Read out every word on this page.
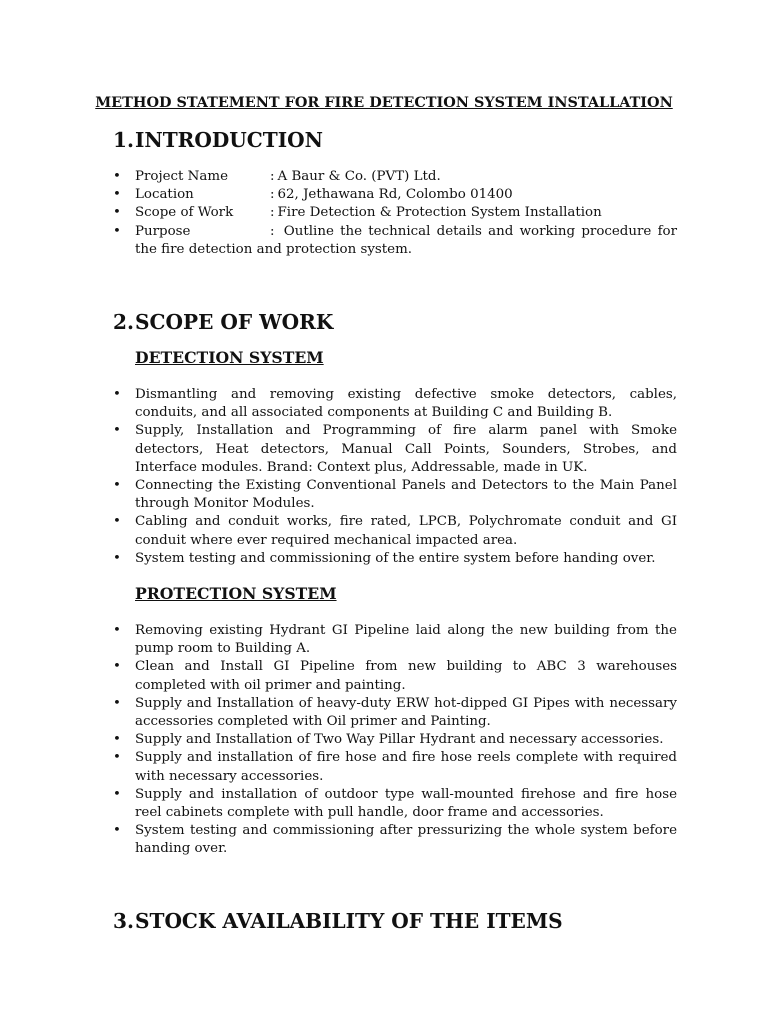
METHOD STATEMENT FOR FIRE DETECTION SYSTEM INSTALLATION
1.INTRODUCTION
• Project Name	: A Baur & Co. (PVT) Ltd.
• Location	: 62, Jethawana Rd, Colombo 01400
• Scope of Work	: Fire Detection & Protection System Installation
• Purpose	: Outline the technical details and working procedure for the fire detection and protection system.
2.SCOPE OF WORK
DETECTION SYSTEM
• Dismantling and removing existing defective smoke detectors, cables, conduits, and all associated components at Building C and Building B.
• Supply, Installation and Programming of fire alarm panel with Smoke detectors, Heat detectors, Manual Call Points, Sounders, Strobes, and Interface modules. Brand: Context plus, Addressable, made in UK.
• Connecting the Existing Conventional Panels and Detectors to the Main Panel through Monitor Modules.
• Cabling and conduit works, fire rated, LPCB, Polychromate conduit and GI conduit where ever required mechanical impacted area.
• System testing and commissioning of the entire system before handing over.
PROTECTION SYSTEM
• Removing existing Hydrant GI Pipeline laid along the new building from the pump room to Building A.
• Clean and Install GI Pipeline from new building to ABC 3 warehouses completed with oil primer and painting.
• Supply and Installation of heavy-duty ERW hot-dipped GI Pipes with necessary accessories completed with Oil primer and Painting.
• Supply and Installation of Two Way Pillar Hydrant and necessary accessories.
• Supply and installation of fire hose and fire hose reels complete with required with necessary accessories.
• Supply and installation of outdoor type wall-mounted firehose and fire hose reel cabinets complete with pull handle, door frame and accessories.
• System testing and commissioning after pressurizing the whole system before handing over.
3.STOCK AVAILABILITY OF THE ITEMS
